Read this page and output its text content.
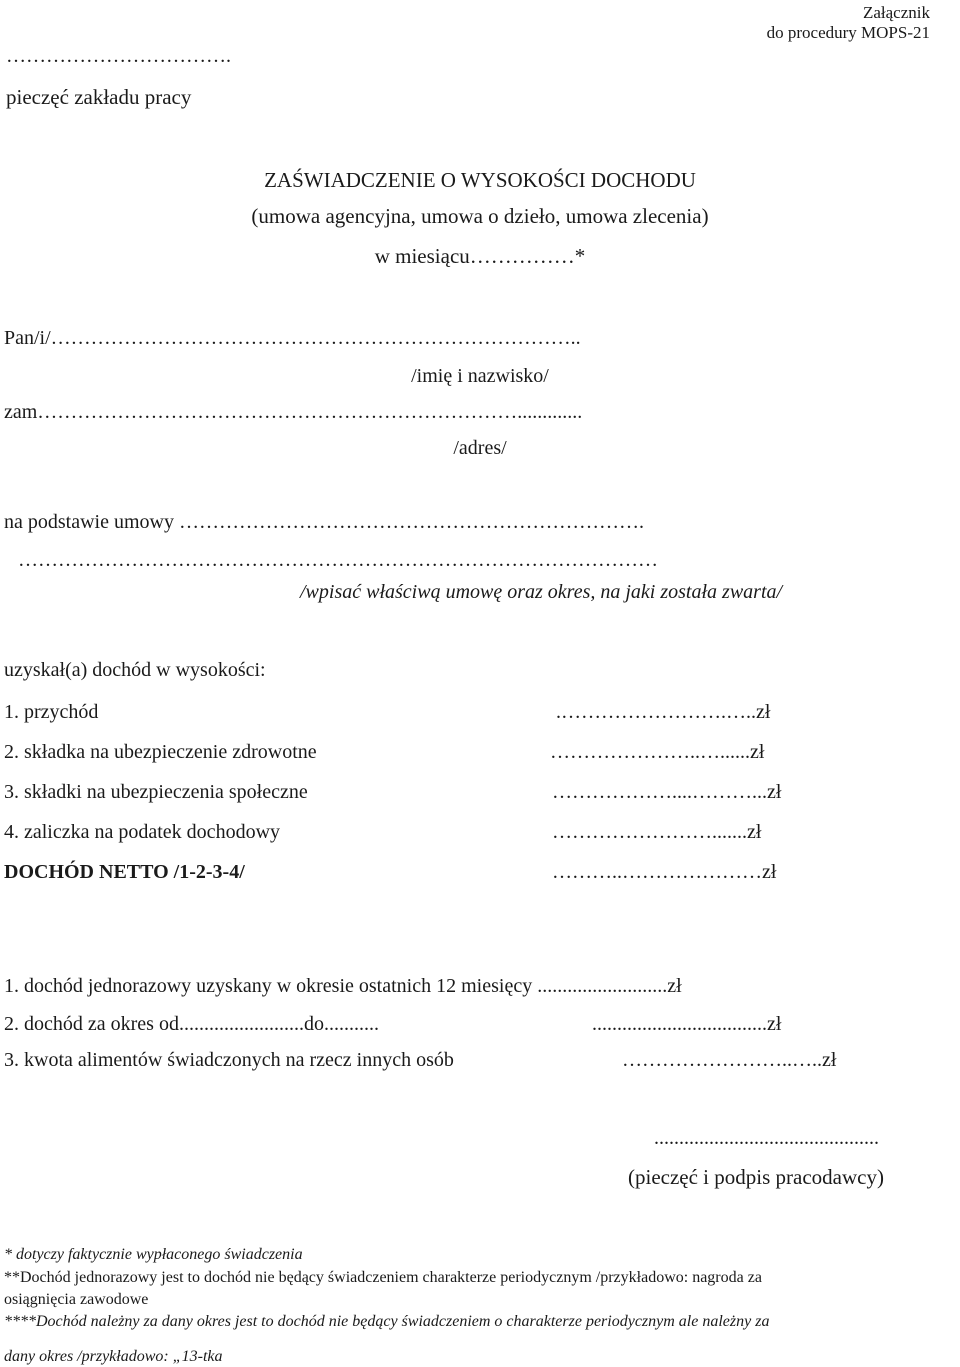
Załącznik
do procedury MOPS-21
…………………………….
pieczęć zakładu pracy
ZAŚWIADCZENIE O WYSOKOŚCI DOCHODU
(umowa agencyjna, umowa o dzieło, umowa zlecenia)
w miesiącu……………*
Pan/i/……………………………………………………………………..
/imię i nazwisko/
zam……………………………………………………………….............
/adres/
na podstawie umowy …………………………………………………………….
……………………………………………………………………………………
/wpisać właściwą umowę oraz okres, na jaki została zwarta/
uzyskał(a) dochód w wysokości:
1. przychód	.…………………….…..zł
2. składka na ubezpieczenie zdrowotne	…………………..…......zł
3. składki na ubezpieczenia społeczne	………………....………...zł
4. zaliczka na podatek dochodowy	…………………….......zł
DOCHÓD NETTO /1-2-3-4/	………..…………………zł
1. dochód jednorazowy uzyskany w okresie ostatnich 12 miesięcy ..........................zł
2. dochód za okres od.........................do...........	...................................zł
3. kwota alimentów świadczonych na rzecz innych osób	……………………..…..zł
.............................................
(pieczęć i podpis pracodawcy)
* dotyczy faktycznie wypłaconego świadczenia
**Dochód jednorazowy jest to dochód nie będący świadczeniem charakterze periodycznym /przykładowo: nagroda za
osiągnięcia zawodowe
****Dochód należny za dany okres jest to dochód nie będący świadczeniem o charakterze periodycznym ale należny za
dany okres /przykładowo: „13-tka
